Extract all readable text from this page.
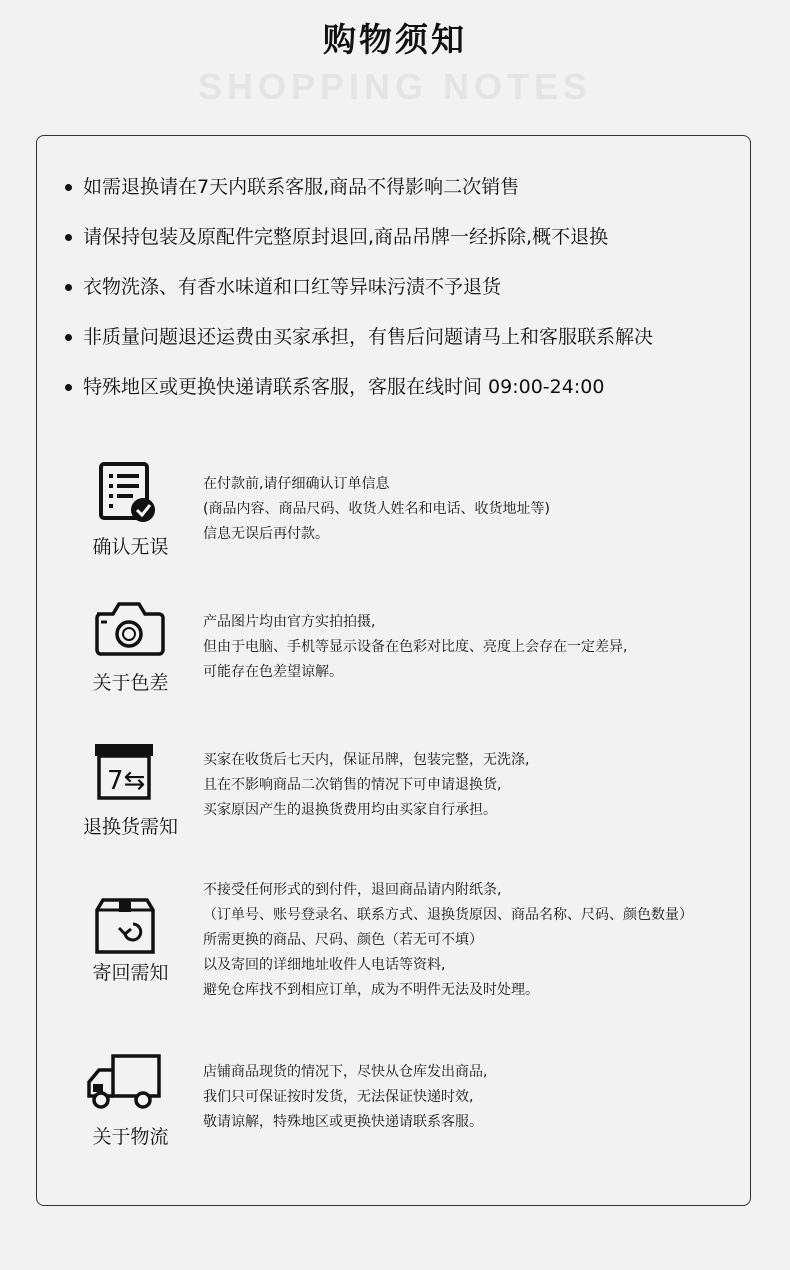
购物须知
SHOPPING NOTES
如需退换请在7天内联系客服,商品不得影响二次销售
请保持包装及原配件完整原封退回,商品吊牌一经拆除,概不退换
衣物洗涤、有香水味道和口红等异味污渍不予退货
非质量问题退还运费由买家承担，有售后问题请马上和客服联系解决
特殊地区或更换快递请联系客服，客服在线时间 09:00-24:00
确认无误
在付款前,请仔细确认订单信息
(商品内容、商品尺码、收货人姓名和电话、收货地址等)
信息无误后再付款。
关于色差
产品图片均由官方实拍拍摄,
但由于电脑、手机等显示设备在色彩对比度、亮度上会存在一定差异,
可能存在色差望谅解。
7⇆
退换货需知
买家在收货后七天内，保证吊牌，包装完整，无洗涤,
且在不影响商品二次销售的情况下可申请退换货,
买家原因产生的退换货费用均由买家自行承担。
寄回需知
不接受任何形式的到付件，退回商品请内附纸条,
（订单号、账号登录名、联系方式、退换货原因、商品名称、尺码、颜色数量）
所需更换的商品、尺码、颜色（若无可不填）
以及寄回的详细地址收件人电话等资料,
避免仓库找不到相应订单，成为不明件无法及时处理。
关于物流
店铺商品现货的情况下，尽快从仓库发出商品,
我们只可保证按时发货，无法保证快递时效,
敬请谅解，特殊地区或更换快递请联系客服。
